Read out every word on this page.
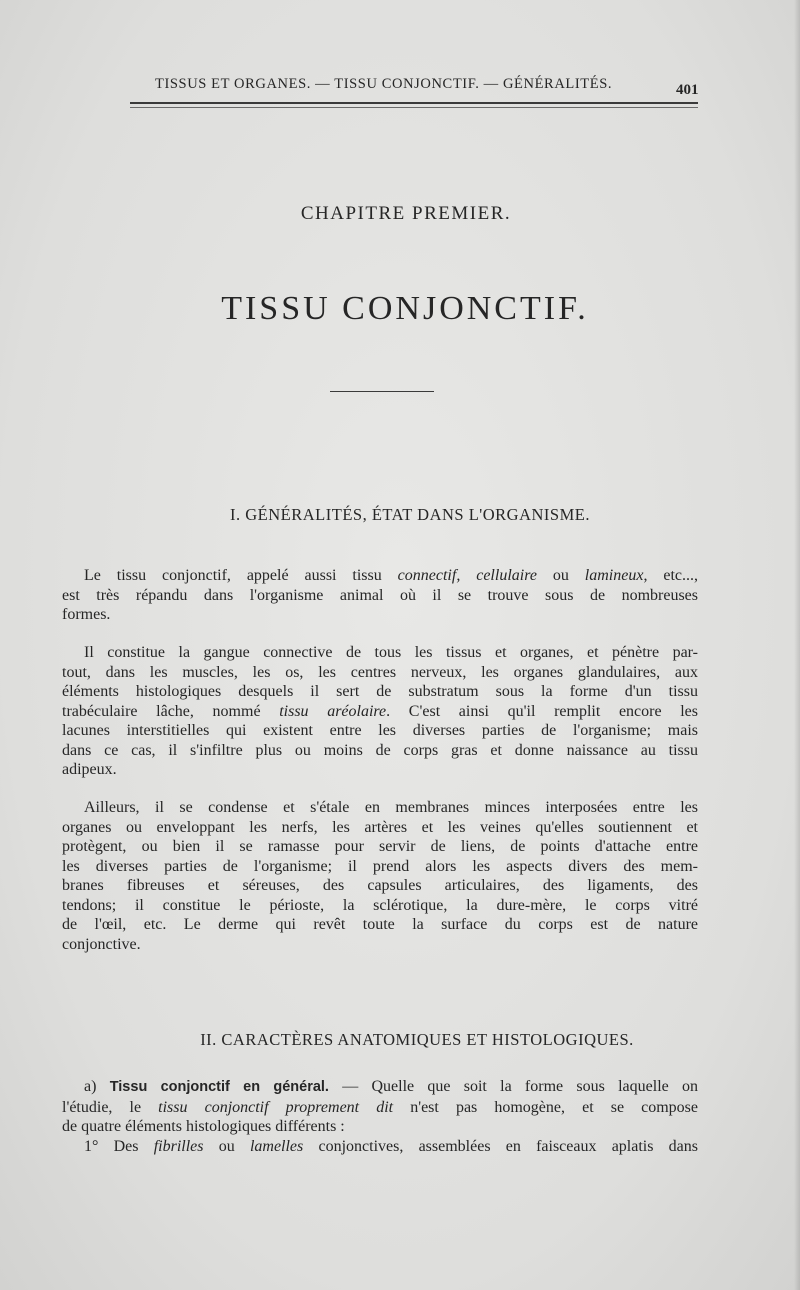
TISSUS ET ORGANES. — TISSU CONJONCTIF. — GÉNÉRALITÉS.	401
CHAPITRE PREMIER.
TISSU CONJONCTIF.
I. GÉNÉRALITÉS, ÉTAT DANS L'ORGANISME.
Le tissu conjonctif, appelé aussi tissu connectif, cellulaire ou lamineux, etc...,
est très répandu dans l'organisme animal où il se trouve sous de nombreuses
formes.
Il constitue la gangue connective de tous les tissus et organes, et pénètre par-
tout, dans les muscles, les os, les centres nerveux, les organes glandulaires, aux
éléments histologiques desquels il sert de substratum sous la forme d'un tissu
trabéculaire lâche, nommé tissu aréolaire. C'est ainsi qu'il remplit encore les
lacunes interstitielles qui existent entre les diverses parties de l'organisme; mais
dans ce cas, il s'infiltre plus ou moins de corps gras et donne naissance au tissu
adipeux.
Ailleurs, il se condense et s'étale en membranes minces interposées entre les
organes ou enveloppant les nerfs, les artères et les veines qu'elles soutiennent et
protègent, ou bien il se ramasse pour servir de liens, de points d'attache entre
les diverses parties de l'organisme; il prend alors les aspects divers des mem-
branes fibreuses et séreuses, des capsules articulaires, des ligaments, des
tendons; il constitue le périoste, la sclérotique, la dure-mère, le corps vitré
de l'œil, etc. Le derme qui revêt toute la surface du corps est de nature
conjonctive.
II. CARACTÈRES ANATOMIQUES ET HISTOLOGIQUES.
a) Tissu conjonctif en général. — Quelle que soit la forme sous laquelle on
l'étudie, le tissu conjonctif proprement dit n'est pas homogène, et se compose
de quatre éléments histologiques différents :
1° Des fibrilles ou lamelles conjonctives, assemblées en faisceaux aplatis dans
